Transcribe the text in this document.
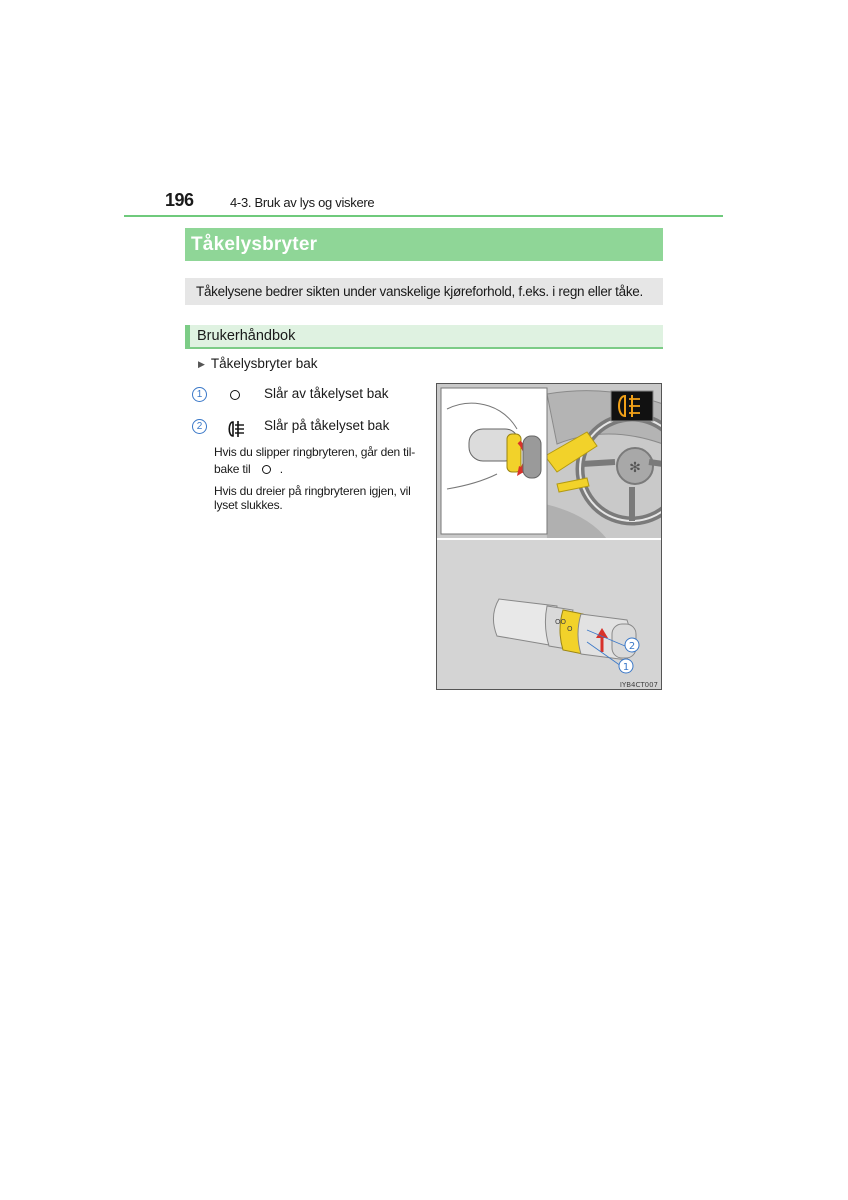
196	4-3. Bruk av lys og viskere
Tåkelysbryter
Tåkelysene bedrer sikten under vanskelige kjøreforhold, f.eks. i regn eller tåke.
Brukerhåndbok
▶ Tåkelysbryter bak
1	Slår av tåkelyset bak
2	Slår på tåkelyset bak
Hvis du slipper ringbryteren, går den til-
bake til .
Hvis du dreier på ringbryteren igjen, vil
lyset slukkes.
✻
OO
O
2
1
IYB4CT007
